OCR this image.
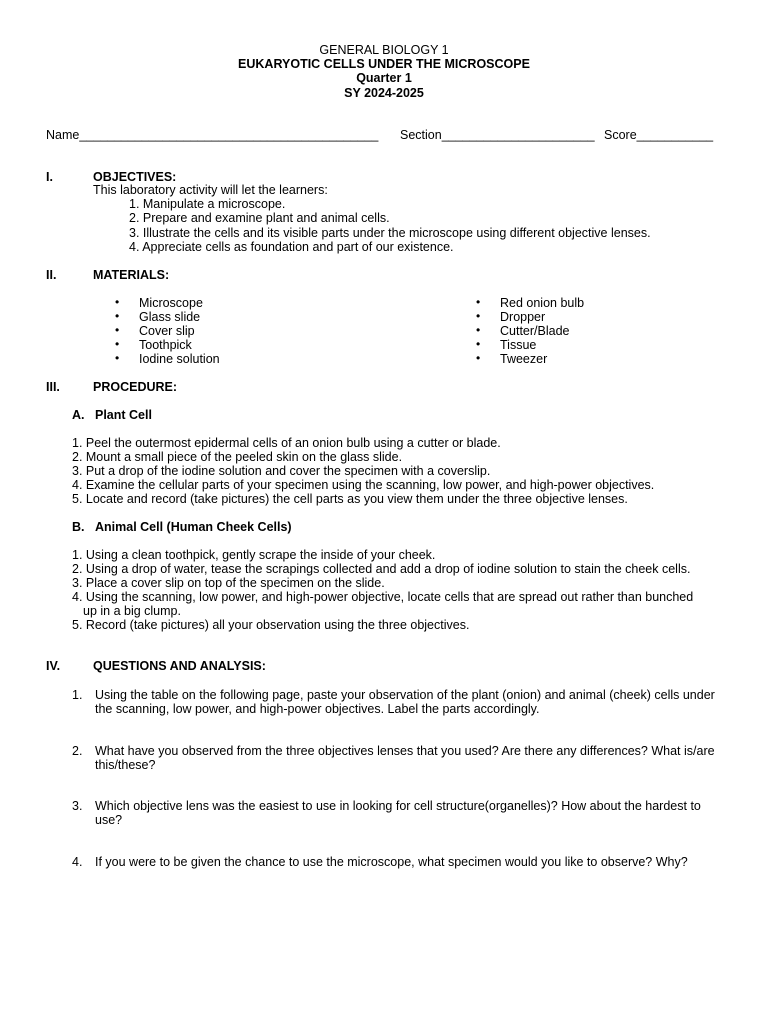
GENERAL BIOLOGY 1
EUKARYOTIC CELLS UNDER THE MICROSCOPE
Quarter 1
SY 2024-2025
Name___________________________________________ Section______________________ Score___________
I.	OBJECTIVES:
This laboratory activity will let the learners:
1. Manipulate a microscope.
2. Prepare and examine plant and animal cells.
3. Illustrate the cells and its visible parts under the microscope using different objective lenses.
4. Appreciate cells as foundation and part of our existence.
II.	MATERIALS:
• Microscope
• Glass slide
• Cover slip
• Toothpick
• Iodine solution
• Red onion bulb
• Dropper
• Cutter/Blade
• Tissue
• Tweezer
III.	PROCEDURE:
A. Plant Cell
1. Peel the outermost epidermal cells of an onion bulb using a cutter or blade.
2. Mount a small piece of the peeled skin on the glass slide.
3. Put a drop of the iodine solution and cover the specimen with a coverslip.
4. Examine the cellular parts of your specimen using the scanning, low power, and high-power objectives.
5. Locate and record (take pictures) the cell parts as you view them under the three objective lenses.
B. Animal Cell (Human Cheek Cells)
1. Using a clean toothpick, gently scrape the inside of your cheek.
2. Using a drop of water, tease the scrapings collected and add a drop of iodine solution to stain the cheek cells.
3. Place a cover slip on top of the specimen on the slide.
4. Using the scanning, low power, and high-power objective, locate cells that are spread out rather than bunched
up in a big clump.
5. Record (take pictures) all your observation using the three objectives.
IV.	QUESTIONS AND ANALYSIS:
1. Using the table on the following page, paste your observation of the plant (onion) and animal (cheek) cells under the scanning, low power, and high-power objectives. Label the parts accordingly.
2. What have you observed from the three objectives lenses that you used? Are there any differences? What is/are this/these?
3. Which objective lens was the easiest to use in looking for cell structure(organelles)? How about the hardest to use?
4. If you were to be given the chance to use the microscope, what specimen would you like to observe? Why?
